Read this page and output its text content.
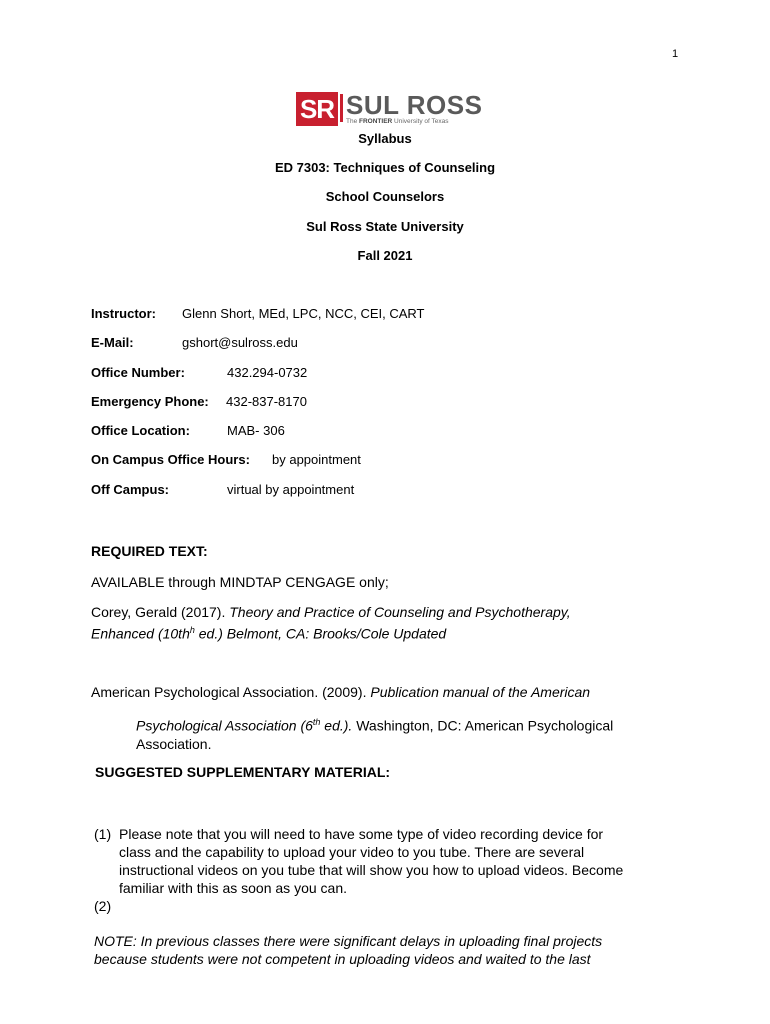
1
SR SUL ROSS
The FRONTIER University of Texas
Syllabus
ED 7303: Techniques of Counseling
School Counselors
Sul Ross State University
Fall 2021
Instructor: Glenn Short, MEd, LPC, NCC, CEI, CART
E-Mail:	gshort@sulross.edu
Office Number:	432.294-0732
Emergency Phone: 432-837-8170
Office Location:	MAB- 306
On Campus Office Hours: by appointment
Off Campus:	virtual by appointment
REQUIRED TEXT:
AVAILABLE through MINDTAP CENGAGE only;
Corey, Gerald (2017). Theory and Practice of Counseling and Psychotherapy,
Enhanced ($10th^h$ ed.) Belmont, CA: Brooks/Cole Updated
American Psychological Association. (2009). Publication manual of the American
Psychological Association (6th ed.). Washington, DC: American Psychological
Association.
SUGGESTED SUPPLEMENTARY MATERIAL:
(1) Please note that you will need to have some type of video recording device for
class and the capability to upload your video to you tube. There are several
instructional videos on you tube that will show you how to upload videos. Become
familiar with this as soon as you can.
(2)
NOTE: In previous classes there were significant delays in uploading final projects
because students were not competent in uploading videos and waited to the last
